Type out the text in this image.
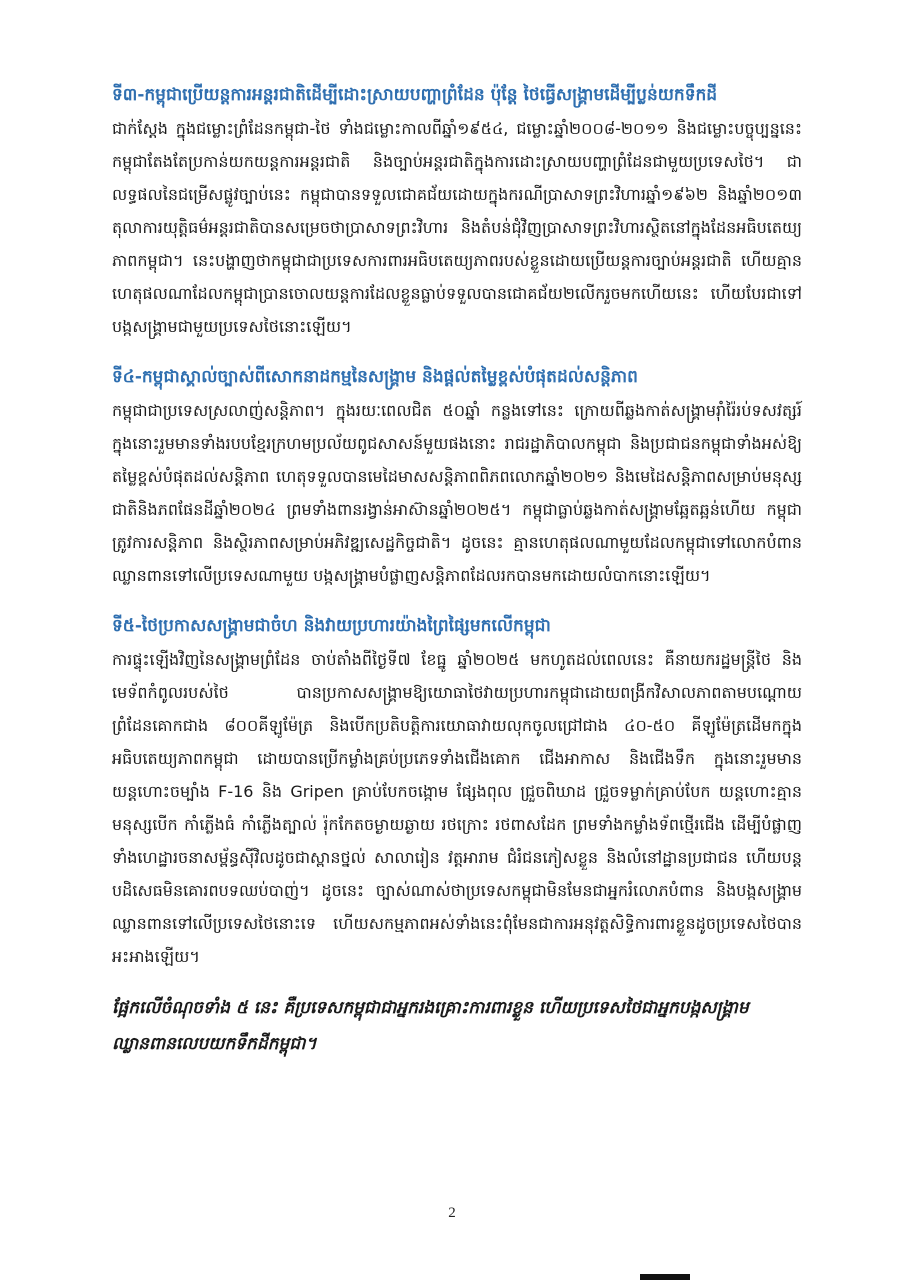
ទី៣-កម្ពុជាប្រើយន្តការអន្តរជាតិដើម្បីដោះស្រាយបញ្ហាព្រំដែន ប៉ុន្តែ ថៃធ្វើសង្គ្រាមដើម្បីប្លន់យកទឹកដី

ជាក់ស្តែង ក្នុងជម្លោះព្រំដែនកម្ពុជា-ថៃ ទាំងជម្លោះកាលពីឆ្នាំ១៩៥៤, ជម្លោះឆ្នាំ២០០៨-២០១១ និងជម្លោះបច្ចុប្បន្ននេះ កម្ពុជាតែងតែប្រកាន់យកយន្តការអន្តរជាតិ និងច្បាប់អន្តរជាតិក្នុងការដោះស្រាយបញ្ហាព្រំដែនជាមួយប្រទេសថៃ។ ជាលទ្ធផលនៃជម្រើសផ្លូវច្បាប់នេះ កម្ពុជាបានទទួលជោគជ័យដោយក្នុងករណីប្រាសាទព្រះវិហារឆ្នាំ១៩៦២ និងឆ្នាំ២០១៣ តុលាការយុត្តិធម៌អន្តរជាតិបានសម្រេចថាប្រាសាទព្រះវិហារ និងតំបន់ជុំវិញប្រាសាទព្រះវិហារស្ថិតនៅក្នុងដែនអធិបតេយ្យភាពកម្ពុជា។ នេះបង្ហាញថាកម្ពុជាជាប្រទេសការពារអធិបតេយ្យភាពរបស់ខ្លួនដោយប្រើយន្តការច្បាប់អន្តរជាតិ ហើយគ្មានហេតុផលណាដែលកម្ពុជាប្រានចោលយន្តការដែលខ្លួនធ្លាប់ទទួលបានជោគជ័យ២លើករួចមកហើយនេះ ហើយបែរជាទៅបង្កសង្គ្រាមជាមួយប្រទេសថៃនោះឡើយ។

ទី៤-កម្ពុជាស្គាល់ច្បាស់ពីសោកនាដកម្មនៃសង្គ្រាម និងផ្តល់តម្លៃខ្ពស់បំផុតដល់សន្តិភាព

កម្ពុជាជាប្រទេសស្រលាញ់សន្តិភាព។ ក្នុងរយៈពេលជិត ៥០ឆ្នាំ កន្លងទៅនេះ ក្រោយពីឆ្លងកាត់សង្គ្រាមរ៉ាំរ៉ៃរប់ទសវត្សរ៍ ក្នុងនោះរួមមានទាំងរបបខ្មែរក្រហមប្រល័យពូជសាសន៍មួយផងនោះ រាជរដ្ឋាភិបាលកម្ពុជា និងប្រជាជនកម្ពុជាទាំងអស់ឱ្យតម្លៃខ្ពស់បំផុតដល់សន្តិភាព ហេតុទទួលបានមេដៃមាសសន្តិភាពពិភពលោកឆ្នាំ២០២១ និងមេដៃសន្តិភាពសម្រាប់មនុស្សជាតិនិងភពផែនដីឆ្នាំ២០២៤ ព្រមទាំងពានរង្វាន់អាស៊ានឆ្នាំ២០២៥។ កម្ពុជាធ្លាប់ឆ្លងកាត់សង្គ្រាមឆ្អែតឆ្អន់ហើយ កម្ពុជាត្រូវការសន្តិភាព និងស្ថិរភាពសម្រាប់អភិវឌ្ឍសេដ្ឋកិច្ចជាតិ។ ដូចនេះ គ្មានហេតុផលណាមួយដែលកម្ពុជាទៅលោកបំពានឈ្លានពានទៅលើប្រទេសណាមួយ បង្កសង្គ្រាមបំផ្លាញសន្តិភាពដែលរកបានមកដោយលំបាកនោះឡើយ។

ទី៥-ថៃប្រកាសសង្គ្រាមជាចំហ និងវាយប្រហារយ៉ាងព្រៃផ្សៃមកលើកម្ពុជា

ការផ្ទុះឡើងវិញនៃសង្គ្រាមព្រំដែន ចាប់តាំងពីថ្ងៃទី៧ ខែធ្នូ ឆ្នាំ២០២៥ មកហូតដល់ពេលនេះ គឺនាយករដ្ឋមន្ត្រីថៃ និងមេទ័ពកំពូលរបស់ថៃ បានប្រកាសសង្គ្រាមឱ្យយោធាថៃវាយប្រហារកម្ពុជាដោយពង្រីកវិសាលភាពតាមបណ្តោយព្រំដែនគោកជាង ៨០០គីឡូម៉ែត្រ និងបើកប្រតិបត្តិការយោធាវាយលុកចូលជ្រៅជាង ៤០-៥០ គីឡូម៉ែត្រដើមកក្នុងអធិបតេយ្យភាពកម្ពុជា ដោយបានប្រើកម្លាំងគ្រប់ប្រភេទទាំងជើងគោក ជើងអាកាស និងជើងទឹក ក្នុងនោះរួមមានយន្តហោះចម្បាំង F-16 និង Gripen គ្រាប់បែកចង្កោម ផ្សែងពុល ជ្រួចពិឃាដ ជ្រួចទម្លាក់គ្រាប់បែក យន្តហោះគ្មានមនុស្សបើក កាំភ្លើងធំ កាំភ្លើងត្បាល់ រ៉ុកកែតចម្ងាយឆ្ងាយ រថក្រោះ រថពាសដែក ព្រមទាំងកម្លាំងទ័ពថ្មើរជើង ដើម្បីបំផ្លាញទាំងហេដ្ឋារចនាសម្ព័ន្ធស៊ីវិលដូចជាស្ពានថ្នល់ សាលារៀន វត្តអារាម ជំរំជនភៀសខ្លួន និងលំនៅដ្ឋានប្រជាជន ហើយបន្តបដិសេធមិនគោរពបទឈប់បាញ់។ ដូចនេះ ច្បាស់ណាស់ថាប្រទេសកម្ពុជាមិនមែនជាអ្នករំលោភបំពាន និងបង្កសង្គ្រាមឈ្លានពានទៅលើប្រទេសថៃនោះទេ ហើយសកម្មភាពអស់ទាំងនេះពុំមែនជាការអនុវត្តសិទ្ធិការពារខ្លួនដូចប្រទេសថៃបានអះអាងឡើយ។

ផ្អែកលើចំណុចទាំង ៥ នេះ គឺប្រទេសកម្ពុជាជាអ្នករងគ្រោះការពារខ្លួន ហើយប្រទេសថៃជាអ្នកបង្កសង្គ្រាមឈ្លានពានលេបយកទឹកដីកម្ពុជា។

2
